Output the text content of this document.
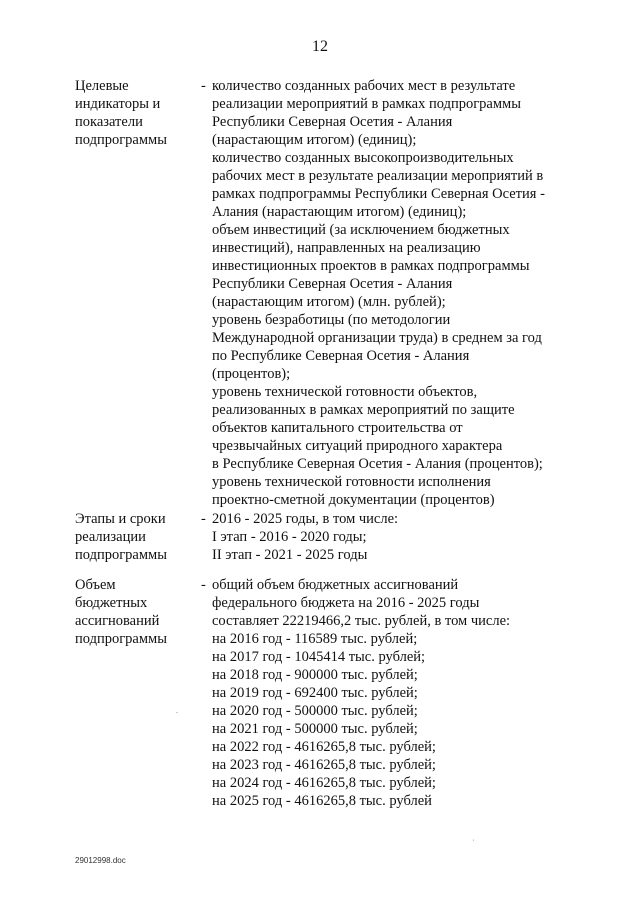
12
Целевые
индикаторы и
показатели
подпрограммы
- количество созданных рабочих мест в результате
реализации мероприятий в рамках подпрограммы
Республики Северная Осетия - Алания
(нарастающим итогом) (единиц);
количество созданных высокопроизводительных
рабочих мест в результате реализации мероприятий в
рамках подпрограммы Республики Северная Осетия -
Алания (нарастающим итогом) (единиц);
объем инвестиций (за исключением бюджетных
инвестиций), направленных на реализацию
инвестиционных проектов в рамках подпрограммы
Республики Северная Осетия - Алания
(нарастающим итогом) (млн. рублей);
уровень безработицы (по методологии
Международной организации труда) в среднем за год
по Республике Северная Осетия - Алания
(процентов);
уровень технической готовности объектов,
реализованных в рамках мероприятий по защите
объектов капитального строительства от
чрезвычайных ситуаций природного характера
в Республике Северная Осетия - Алания (процентов);
уровень технической готовности исполнения
проектно-сметной документации (процентов)
Этапы и сроки
реализации
подпрограммы
- 2016 - 2025 годы, в том числе:
I этап - 2016 - 2020 годы;
II этап - 2021 - 2025 годы
Объем
бюджетных
ассигнований
подпрограммы
- общий объем бюджетных ассигнований
федерального бюджета на 2016 - 2025 годы
составляет 22219466,2 тыс. рублей, в том числе:
на 2016 год - 116589 тыс. рублей;
на 2017 год - 1045414 тыс. рублей;
на 2018 год - 900000 тыс. рублей;
на 2019 год - 692400 тыс. рублей;
на 2020 год - 500000 тыс. рублей;
на 2021 год - 500000 тыс. рублей;
на 2022 год - 4616265,8 тыс. рублей;
на 2023 год - 4616265,8 тыс. рублей;
на 2024 год - 4616265,8 тыс. рублей;
на 2025 год - 4616265,8 тыс. рублей
.
˙
29012998.doc
